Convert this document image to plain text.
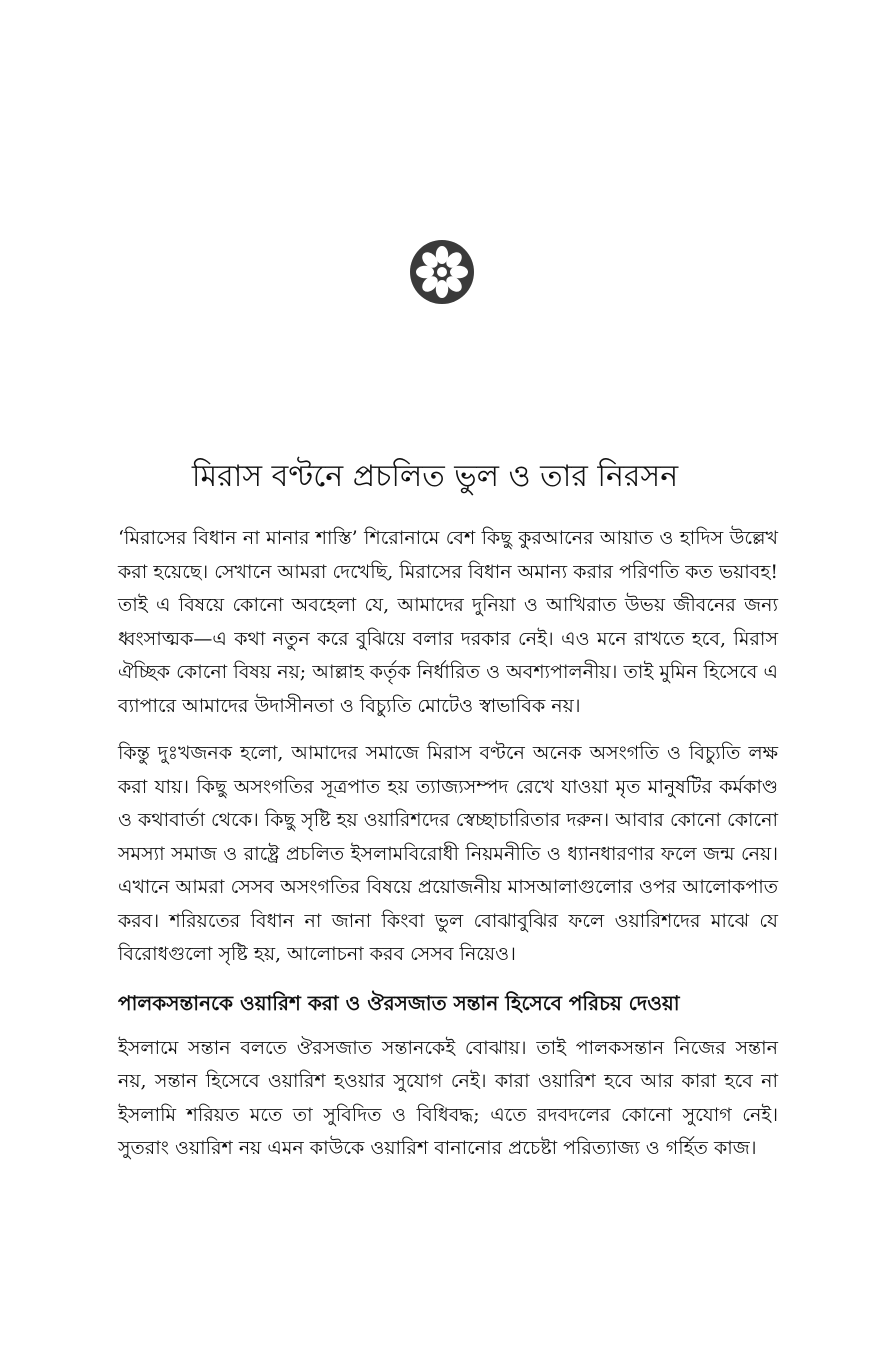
মিরাস বণ্টনে প্রচলিত ভুল ও তার নিরসন

‘মিরাসের বিধান না মানার শাস্তি’ শিরোনামে বেশ কিছু কুরআনের আয়াত ও হাদিস উল্লেখ করা হয়েছে। সেখানে আমরা দেখেছি, মিরাসের বিধান অমান্য করার পরিণতি কত ভয়াবহ! তাই এ বিষয়ে কোনো অবহেলা যে, আমাদের দুনিয়া ও আখিরাত উভয় জীবনের জন্য ধ্বংসাত্মক—এ কথা নতুন করে বুঝিয়ে বলার দরকার নেই। এও মনে রাখতে হবে, মিরাস ঐচ্ছিক কোনো বিষয় নয়; আল্লাহ কর্তৃক নির্ধারিত ও অবশ্যপালনীয়। তাই মুমিন হিসেবে এ ব্যাপারে আমাদের উদাসীনতা ও বিচ্যুতি মোটেও স্বাভাবিক নয়।

কিন্তু দুঃখজনক হলো, আমাদের সমাজে মিরাস বণ্টনে অনেক অসংগতি ও বিচ্যুতি লক্ষ করা যায়। কিছু অসংগতির সূত্রপাত হয় ত্যাজ্যসম্পদ রেখে যাওয়া মৃত মানুষটির কর্মকাণ্ড ও কথাবার্তা থেকে। কিছু সৃষ্টি হয় ওয়ারিশদের স্বেচ্ছাচারিতার দরুন। আবার কোনো কোনো সমস্যা সমাজ ও রাষ্ট্রে প্রচলিত ইসলামবিরোধী নিয়মনীতি ও ধ্যানধারণার ফলে জন্ম নেয়। এখানে আমরা সেসব অসংগতির বিষয়ে প্রয়োজনীয় মাসআলাগুলোর ওপর আলোকপাত করব। শরিয়তের বিধান না জানা কিংবা ভুল বোঝাবুঝির ফলে ওয়ারিশদের মাঝে যে বিরোধগুলো সৃষ্টি হয়, আলোচনা করব সেসব নিয়েও।

পালকসন্তানকে ওয়ারিশ করা ও ঔরসজাত সন্তান হিসেবে পরিচয় দেওয়া

ইসলামে সন্তান বলতে ঔরসজাত সন্তানকেই বোঝায়। তাই পালকসন্তান নিজের সন্তান নয়, সন্তান হিসেবে ওয়ারিশ হওয়ার সুযোগ নেই। কারা ওয়ারিশ হবে আর কারা হবে না ইসলামি শরিয়ত মতে তা সুবিদিত ও বিধিবদ্ধ; এতে রদবদলের কোনো সুযোগ নেই। সুতরাং ওয়ারিশ নয় এমন কাউকে ওয়ারিশ বানানোর প্রচেষ্টা পরিত্যাজ্য ও গর্হিত কাজ।
